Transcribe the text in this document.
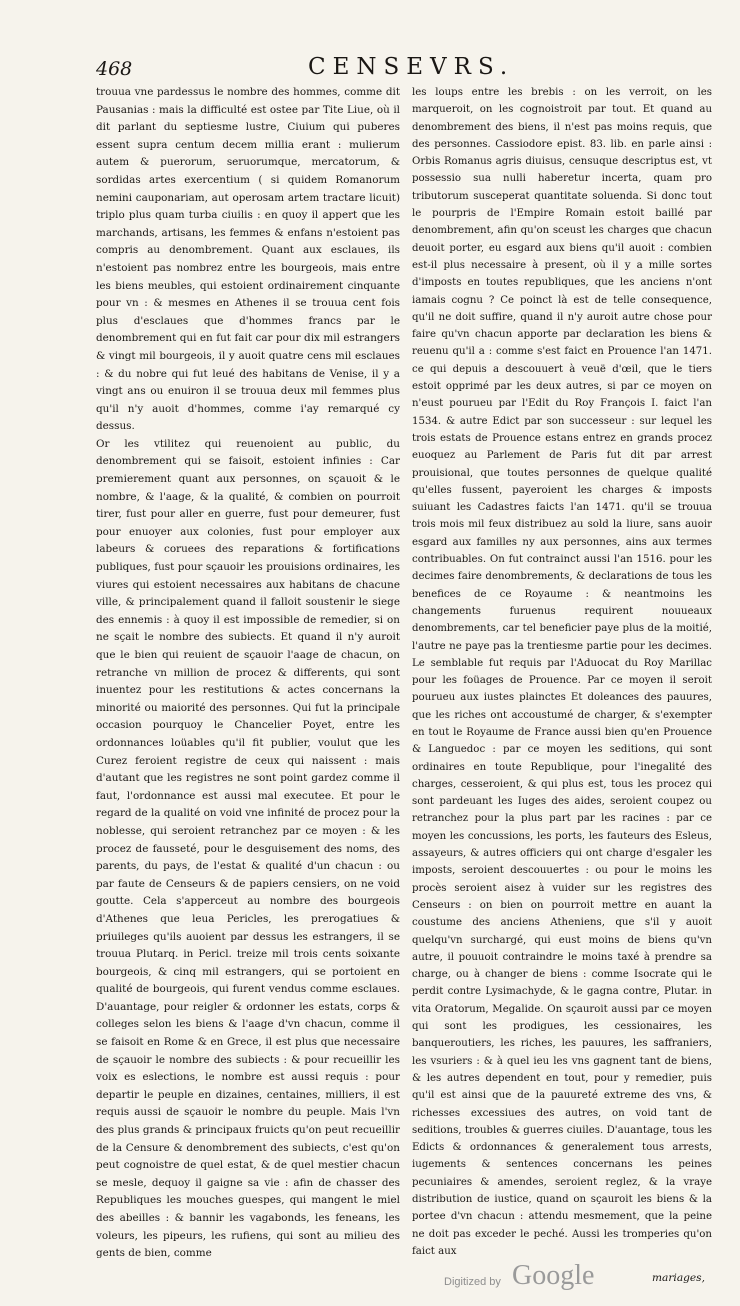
468	CENSEVRS.

trouua vne pardessus le nombre des hommes, comme dit Pausanias : mais la difficulté est ostee par Tite Liue, où il dit parlant du septiesme lustre, Ciuium qui puberes essent supra centum decem millia erant : mulierum autem & puerorum, seruorumque, mercatorum, & sordidas artes exercentium ( si quidem Romanorum nemini cauponariam, aut operosam artem tractare licuit) triplo plus quam turba ciuilis : en quoy il appert que les marchands, artisans, les femmes & enfans n'estoient pas compris au denombrement. Quant aux esclaues, ils n'estoient pas nombrez entre les bourgeois, mais entre les biens meubles, qui estoient ordinairement cinquante pour vn : & mesmes en Athenes il se trouua cent fois plus d'esclaues que d'hommes francs par le denombrement qui en fut fait car pour dix mil estrangers & vingt mil bourgeois, il y auoit quatre cens mil esclaues : & du nobre qui fut leué des habitans de Venise, il y a vingt ans ou enuiron il se trouua deux mil femmes plus qu'il n'y auoit d'hommes, comme i'ay remarqué cy dessus.

Or les vtilitez qui reuenoient au public, du denombrement qui se faisoit, estoient infinies : Car premierement quant aux personnes, on sçauoit & le nombre, & l'aage, & la qualité, & combien on pourroit tirer, fust pour aller en guerre, fust pour demeurer, fust pour enuoyer aux colonies, fust pour employer aux labeurs & coruees des reparations & fortifications publiques, fust pour sçauoir les prouisions ordinaires, les viures qui estoient necessaires aux habitans de chacune ville, & principalement quand il falloit soustenir le siege des ennemis : à quoy il est impossible de remedier, si on ne sçait le nombre des subiects. Et quand il n'y auroit que le bien qui reuient de sçauoir l'aage de chacun, on retranche vn million de procez & differents, qui sont inuentez pour les restitutions & actes concernans la minorité ou maiorité des personnes. Qui fut la principale occasion pourquoy le Chancelier Poyet, entre les ordonnances loüables qu'il fit publier, voulut que les Curez feroient registre de ceux qui naissent : mais d'autant que les registres ne sont point gardez comme il faut, l'ordonnance est aussi mal executee. Et pour le regard de la qualité on void vne infinité de procez pour la noblesse, qui seroient retranchez par ce moyen : & les procez de fausseté, pour le desguisement des noms, des parents, du pays, de l'estat & qualité d'un chacun : ou par faute de Censeurs & de papiers censiers, on ne void goutte. Cela s'apperceut au nombre des bourgeois d'Athenes que leua Pericles, les prerogatiues & priuileges qu'ils auoient par dessus les estrangers, il se trouua Plutarq. in Pericl. treize mil trois cents soixante bourgeois, & cinq mil estrangers, qui se portoient en qualité de bourgeois, qui furent vendus comme esclaues. D'auantage, pour reigler & ordonner les estats, corps & colleges selon les biens & l'aage d'vn chacun, comme il se faisoit en Rome & en Grece, il est plus que necessaire de sçauoir le nombre des subiects : & pour recueillir les voix es eslections, le nombre est aussi requis : pour departir le peuple en dizaines, centaines, milliers, il est requis aussi de sçauoir le nombre du peuple. Mais l'vn des plus grands & principaux fruicts qu'on peut recueillir de la Censure & denombrement des subiects, c'est qu'on peut cognoistre de quel estat, & de quel mestier chacun se mesle, dequoy il gaigne sa vie : afin de chasser des Republiques les mouches guespes, qui mangent le miel des abeilles : & bannir les vagabonds, les feneans, les voleurs, les pipeurs, les rufiens, qui sont au milieu des gents de bien, comme

les loups entre les brebis : on les verroit, on les marqueroit, on les cognoistroit par tout. Et quand au denombrement des biens, il n'est pas moins requis, que des personnes. Cassiodore epist. 83. lib. en parle ainsi : Orbis Romanus agris diuisus, censuque descriptus est, vt possessio sua nulli haberetur incerta, quam pro tributorum susceperat quantitate soluenda. Si donc tout le pourpris de l'Empire Romain estoit baillé par denombrement, afin qu'on sceust les charges que chacun deuoit porter, eu esgard aux biens qu'il auoit : combien est-il plus necessaire à present, où il y a mille sortes d'imposts en toutes republiques, que les anciens n'ont iamais cognu ? Ce poinct là est de telle consequence, qu'il ne doit suffire, quand il n'y auroit autre chose pour faire qu'vn chacun apporte par declaration les biens & reuenu qu'il a : comme s'est faict en Prouence l'an 1471. ce qui depuis a descouuert à veuë d'œil, que le tiers estoit opprimé par les deux autres, si par ce moyen on n'eust pourueu par l'Edit du Roy François I. faict l'an 1534. & autre Edict par son successeur : sur lequel les trois estats de Prouence estans entrez en grands procez euoquez au Parlement de Paris fut dit par arrest prouisional, que toutes personnes de quelque qualité qu'elles fussent, payeroient les charges & imposts suiuant les Cadastres faicts l'an 1471. qu'il se trouua trois mois mil feux distribuez au sold la liure, sans auoir esgard aux familles ny aux personnes, ains aux termes contribuables. On fut contrainct aussi l'an 1516. pour les decimes faire denombrements, & declarations de tous les benefices de ce Royaume : & neantmoins les changements furuenus requirent nouueaux denombrements, car tel beneficier paye plus de la moitié, l'autre ne paye pas la trentiesme partie pour les decimes. Le semblable fut requis par l'Aduocat du Roy Marillac pour les foüages de Prouence. Par ce moyen il seroit pourueu aux iustes plainctes Et doleances des pauures, que les riches ont accoustumé de charger, & s'exempter en tout le Royaume de France aussi bien qu'en Prouence & Languedoc : par ce moyen les seditions, qui sont ordinaires en toute Republique, pour l'inegalité des charges, cesseroient, & qui plus est, tous les procez qui sont pardeuant les Iuges des aides, seroient coupez ou retranchez pour la plus part par les racines : par ce moyen les concussions, les ports, les fauteurs des Esleus, assayeurs, & autres officiers qui ont charge d'esgaler les imposts, seroient descouuertes : ou pour le moins les procès seroient aisez à vuider sur les registres des Censeurs : on bien on pourroit mettre en auant la coustume des anciens Atheniens, que s'il y auoit quelqu'vn surchargé, qui eust moins de biens qu'vn autre, il pouuoit contraindre le moins taxé à prendre sa charge, ou à changer de biens : comme Isocrate qui le perdit contre Lysimachyde, & le gagna contre, Plutar. in vita Oratorum, Megalide. On sçauroit aussi par ce moyen qui sont les prodigues, les cessionaires, les banqueroutiers, les riches, les pauures, les saffraniers, les vsuriers : & à quel ieu les vns gagnent tant de biens, & les autres dependent en tout, pour y remedier, puis qu'il est ainsi que de la pauureté extreme des vns, & richesses excessiues des autres, on void tant de seditions, troubles & guerres ciuiles. D'auantage, tous les Edicts & ordonnances & generalement tous arrests, iugements & sentences concernans les peines pecuniaires & amendes, seroient reglez, & la vraye distribution de iustice, quand on sçauroit les biens & la portee d'vn chacun : attendu mesmement, que la peine ne doit pas exceder le peché. Aussi les tromperies qu'on faict aux

mariages,
Digitized by Google
